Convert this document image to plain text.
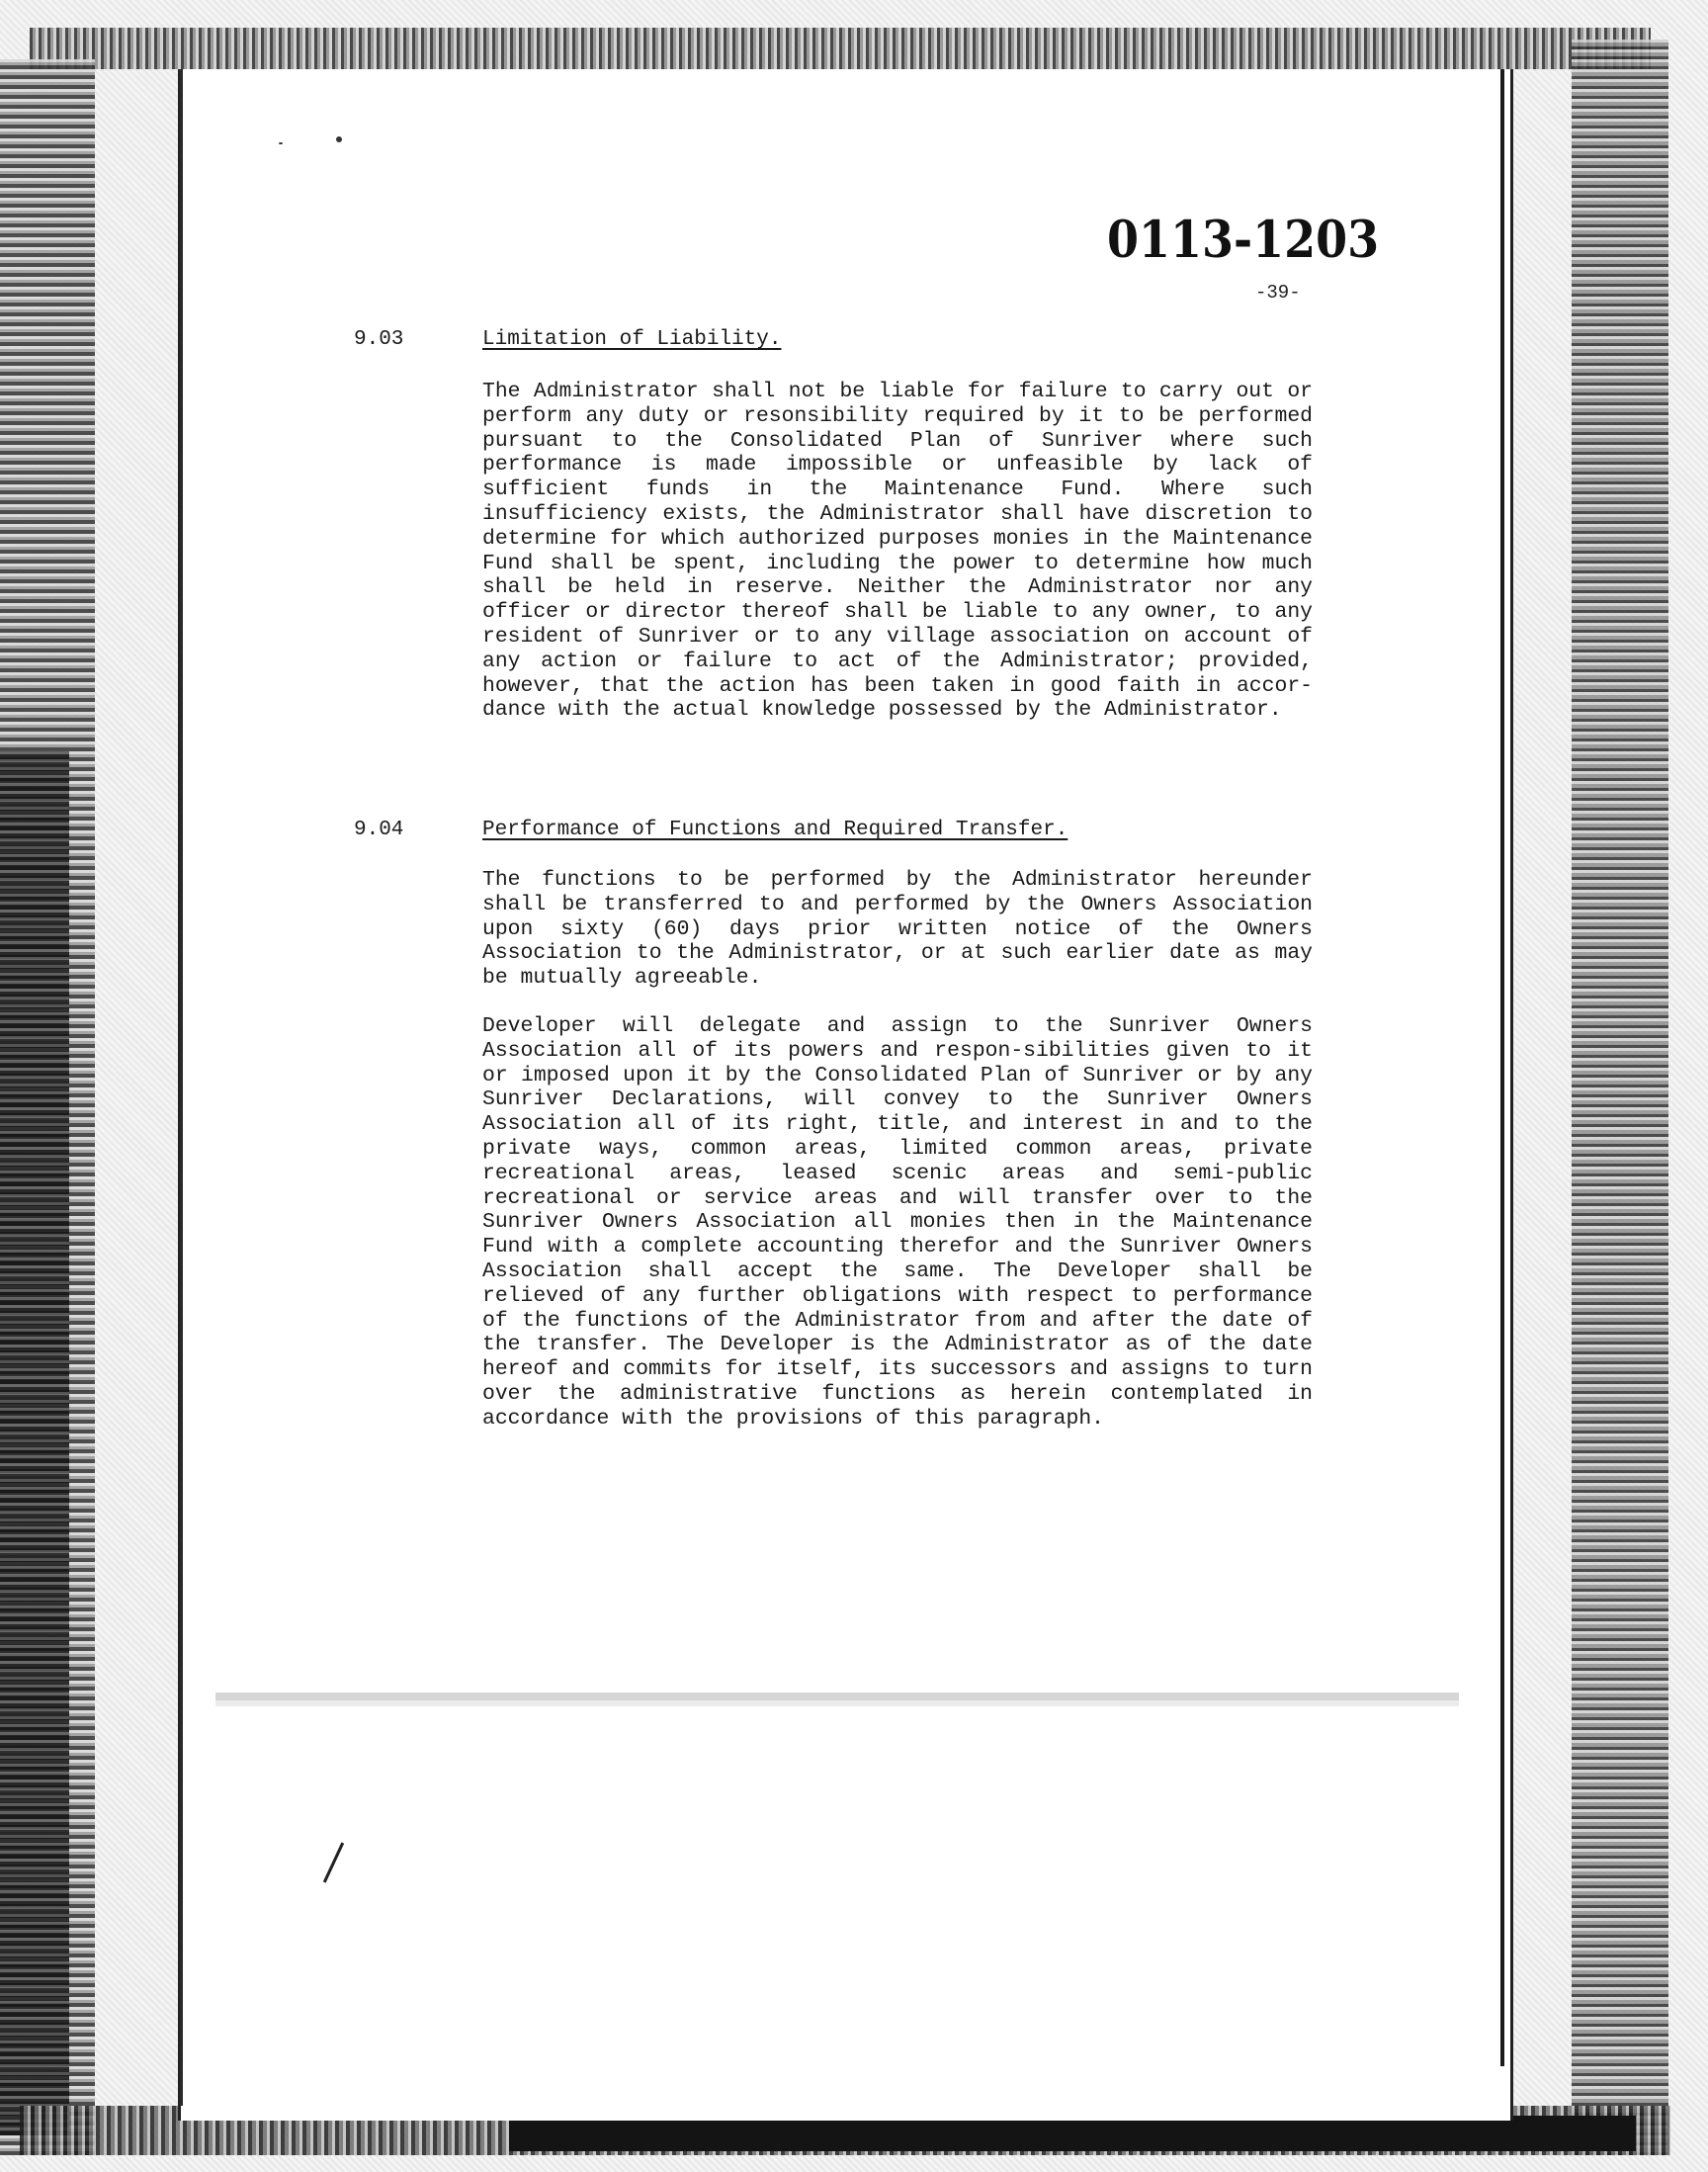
0113-1203
-39-
9.03	Limitation of Liability.

The Administrator shall not be liable for failure to carry out or perform any duty or resonsibility required by it to be performed pursuant to the Consolidated Plan of Sunriver where such performance is made impossible or unfeasible by lack of sufficient funds in the Maintenance Fund. Where such insufficiency exists, the Administrator shall have discretion to determine for which authorized purposes monies in the Maintenance Fund shall be spent, including the power to determine how much shall be held in reserve. Neither the Administrator nor any officer or director thereof shall be liable to any owner, to any resident of Sunriver or to any village association on account of any action or failure to act of the Administrator; provided, however, that the action has been taken in good faith in accor-dance with the actual knowledge possessed by the Administrator.

9.04	Performance of Functions and Required Transfer.

The functions to be performed by the Administrator hereunder shall be transferred to and performed by the Owners Association upon sixty (60) days prior written notice of the Owners Association to the Administrator, or at such earlier date as may be mutually agreeable.

Developer will delegate and assign to the Sunriver Owners Association all of its powers and respon-sibilities given to it or imposed upon it by the Consolidated Plan of Sunriver or by any Sunriver Declarations, will convey to the Sunriver Owners Association all of its right, title, and interest in and to the private ways, common areas, limited common areas, private recreational areas, leased scenic areas and semi-public recreational or service areas and will transfer over to the Sunriver Owners Association all monies then in the Maintenance Fund with a complete accounting therefor and the Sunriver Owners Association shall accept the same. The Developer shall be relieved of any further obligations with respect to performance of the functions of the Administrator from and after the date of the transfer. The Developer is the Administrator as of the date hereof and commits for itself, its successors and assigns to turn over the administrative functions as herein contemplated in accordance with the provisions of this paragraph.
